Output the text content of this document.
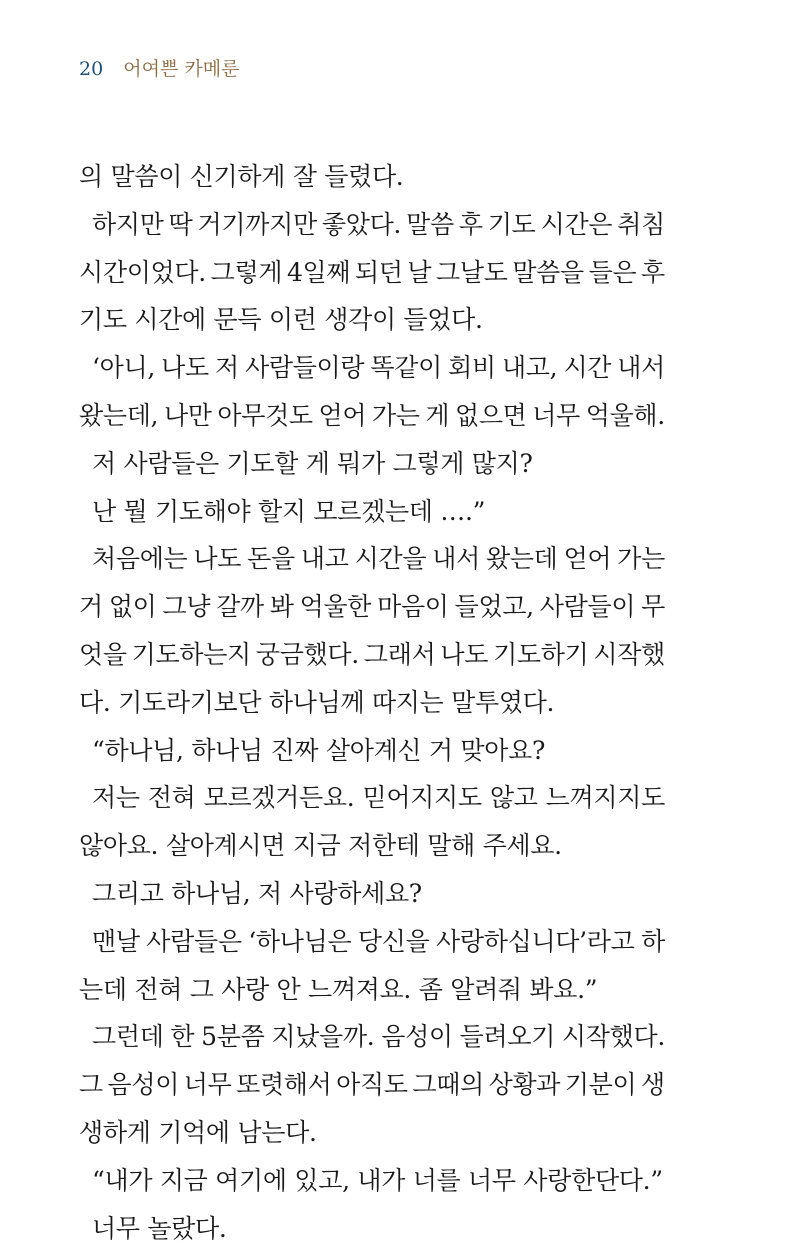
20 어여쁜 카메룬
의 말씀이 신기하게 잘 들렸다.
하지만 딱 거기까지만 좋았다. 말씀 후 기도 시간은 취침
시간이었다. 그렇게 4일째 되던 날 그날도 말씀을 들은 후
기도 시간에 문득 이런 생각이 들었다.
‘아니, 나도 저 사람들이랑 똑같이 회비 내고, 시간 내서
왔는데, 나만 아무것도 얻어 가는 게 없으면 너무 억울해.
저 사람들은 기도할 게 뭐가 그렇게 많지?
난 뭘 기도해야 할지 모르겠는데 ….”
처음에는 나도 돈을 내고 시간을 내서 왔는데 얻어 가는
거 없이 그냥 갈까 봐 억울한 마음이 들었고, 사람들이 무
엇을 기도하는지 궁금했다. 그래서 나도 기도하기 시작했
다. 기도라기보단 하나님께 따지는 말투였다.
“하나님, 하나님 진짜 살아계신 거 맞아요?
저는 전혀 모르겠거든요. 믿어지지도 않고 느껴지지도
않아요. 살아계시면 지금 저한테 말해 주세요.
그리고 하나님, 저 사랑하세요?
맨날 사람들은 ‘하나님은 당신을 사랑하십니다’라고 하
는데 전혀 그 사랑 안 느껴져요. 좀 알려줘 봐요.”
그런데 한 5분쯤 지났을까. 음성이 들려오기 시작했다.
그 음성이 너무 또렷해서 아직도 그때의 상황과 기분이 생
생하게 기억에 남는다.
“내가 지금 여기에 있고, 내가 너를 너무 사랑한단다.”
너무 놀랐다.
